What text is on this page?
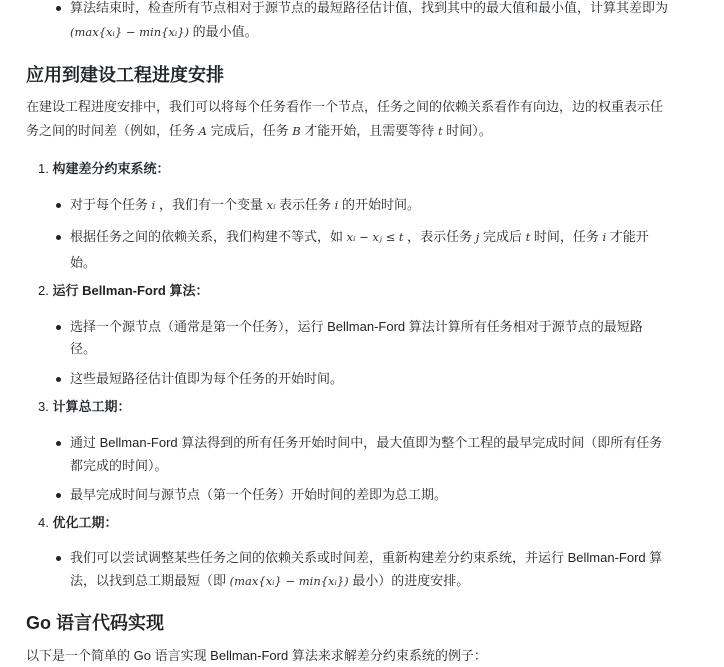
算法结束时，检查所有节点相对于源节点的最短路径估计值，找到其中的最大值和最小值，计算其差即为
(max{xᵢ} − min{xᵢ}) 的最小值。
应用到建设工程进度安排
在建设工程进度安排中，我们可以将每个任务看作一个节点，任务之间的依赖关系看作有向边，边的权重表示任
务之间的时间差（例如，任务 A 完成后，任务 B 才能开始，且需要等待 t 时间）。
1. 构建差分约束系统：
对于每个任务 i ，我们有一个变量 xᵢ 表示任务 i 的开始时间。
根据任务之间的依赖关系，我们构建不等式，如 xᵢ − xⱼ ≤ t ，表示任务 j 完成后 t 时间，任务 i 才能开
始。
2. 运行 Bellman-Ford 算法：
选择一个源节点（通常是第一个任务），运行 Bellman-Ford 算法计算所有任务相对于源节点的最短路
径。
这些最短路径估计值即为每个任务的开始时间。
3. 计算总工期：
通过 Bellman-Ford 算法得到的所有任务开始时间中，最大值即为整个工程的最早完成时间（即所有任务
都完成的时间）。
最早完成时间与源节点（第一个任务）开始时间的差即为总工期。
4. 优化工期：
我们可以尝试调整某些任务之间的依赖关系或时间差，重新构建差分约束系统，并运行 Bellman-Ford 算
法，以找到总工期最短（即 (max{xᵢ} − min{xᵢ}) 最小）的进度安排。
Go 语言代码实现
以下是一个简单的 Go 语言实现 Bellman-Ford 算法来求解差分约束系统的例子：
